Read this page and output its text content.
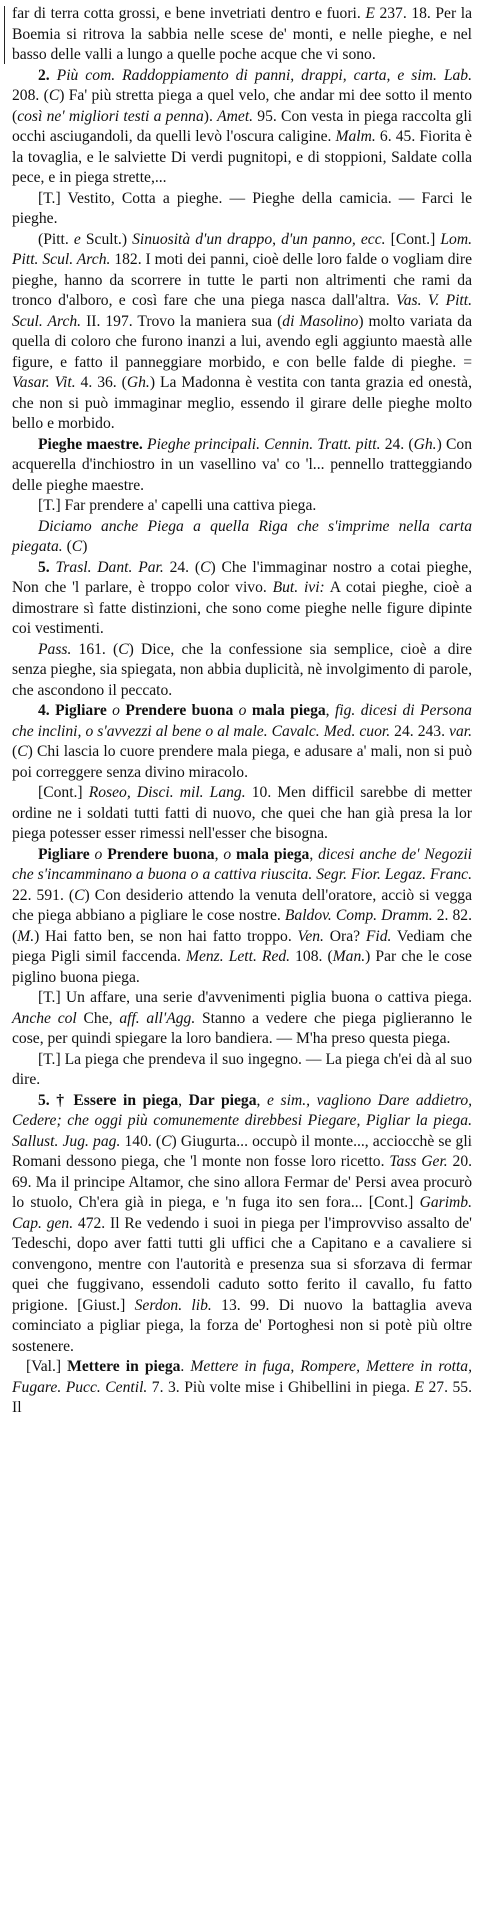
far di terra cotta grossi, e bene invetriati dentro e fuori. E 237. 18. Per la Boemia si ritrova la sabbia nelle scese de' monti, e nelle pieghe, e nel basso delle valli a lungo a quelle poche acque che vi sono.

2. Più com. Raddoppiamento di panni, drappi, carta, e sim. Lab. 208. (C) Fa' più stretta piega a quel velo, che andar mi dee sotto il mento (così ne' migliori testi a penna). Amet. 95. Con vesta in piega raccolta gli occhi asciugandoli, da quelli levò l'oscura caligine. Malm. 6. 45. Fiorita è la tovaglia, e le salviette Di verdi pugnitopi, e di stoppioni, Saldate colla pece, e in piega strette,...

[T.] Vestito, Cotta a pieghe. — Pieghe della camicia. — Farci le pieghe.

(Pitt. e Scult.) Sinuosità d'un drappo, d'un panno, ecc. [Cont.] Lom. Pitt. Scul. Arch. 182. I moti dei panni, cioè delle loro falde o vogliam dire pieghe, hanno da scorrere in tutte le parti non altrimenti che rami da tronco d'alboro, e così fare che una piega nasca dall'altra. Vas. V. Pitt. Scul. Arch. II. 197. Trovo la maniera sua (di Masolino) molto variata da quella di coloro che furono inanzi a lui, avendo egli aggiunto maestà alle figure, e fatto il panneggiare morbido, e con belle falde di pieghe. = Vasar. Vit. 4. 36. (Gh.) La Madonna è vestita con tanta grazia ed onestà, che non si può immaginar meglio, essendo il girare delle pieghe molto bello e morbido.

Pieghe maestre. Pieghe principali. Cennin. Tratt. pitt. 24. (Gh.) Con acquerella d'inchiostro in un vasellino va' co 'l... pennello tratteggiando delle pieghe maestre.

[T.] Far prendere a' capelli una cattiva piega.

Diciamo anche Piega a quella Riga che s'imprime nella carta piegata. (C)

5. Trasl. Dant. Par. 24. (C) Che l'immaginar nostro a cotai pieghe, Non che 'l parlare, è troppo color vivo. But. ivi: A cotai pieghe, cioè a dimostrare sì fatte distinzioni, che sono come pieghe nelle figure dipinte coi vestimenti.

Pass. 161. (C) Dice, che la confessione sia semplice, cioè a dire senza pieghe, sia spiegata, non abbia duplicità, nè involgimento di parole, che ascondono il peccato.

4. Pigliare o Prendere buona o mala piega, fig. dicesi di Persona che inclini, o s'avvezzi al bene o al male. Cavalc. Med. cuor. 24. 243. var. (C) Chi lascia lo cuore prendere mala piega, e adusare a' mali, non si può poi correggere senza divino miracolo.

[Cont.] Roseo, Disci. mil. Lang. 10. Men difficil sarebbe di metter ordine ne i soldati tutti fatti di nuovo, che quei che han già presa la lor piega potesser esser rimessi nell'esser che bisogna.

Pigliare o Prendere buona, o mala piega, dicesi anche de' Negozii che s'incamminano a buona o a cattiva riuscita. Segr. Fior. Legaz. Franc. 22. 591. (C) Con desiderio attendo la venuta dell'oratore, acciò si vegga che piega abbiano a pigliare le cose nostre. Baldov. Comp. Dramm. 2. 82. (M.) Hai fatto ben, se non hai fatto troppo. Ven. Ora? Fid. Vediam che piega Pigli simil faccenda. Menz. Lett. Red. 108. (Man.) Par che le cose piglino buona piega.

[T.] Un affare, una serie d'avvenimenti piglia buona o cattiva piega. Anche col Che, aff. all'Agg. Stanno a vedere che piega piglieranno le cose, per quindi spiegare la loro bandiera. — M'ha preso questa piega.

[T.] La piega che prendeva il suo ingegno. — La piega ch'ei dà al suo dire.

5. † Essere in piega, Dar piega, e sim., vagliono Dare addietro, Cedere; che oggi più comunemente direbbesi Piegare, Pigliar la piega. Sallust. Jug. pag. 140. (C) Giugurta... occupò il monte..., acciocchè se gli Romani dessono piega, che 'l monte non fosse loro ricetto. Tass Ger. 20. 69. Ma il principe Altamor, che sino allora Fermar de' Persi avea procurò lo stuolo, Ch'era già in piega, e 'n fuga ito sen fora... [Cont.] Garimb. Cap. gen. 472. Il Re vedendo i suoi in piega per l'improvviso assalto de' Tedeschi, dopo aver fatti tutti gli uffici che a Capitano e a cavaliere si convengono, mentre con l'autorità e presenza sua si sforzava di fermar quei che fuggivano, essendoli caduto sotto ferito il cavallo, fu fatto prigione. [Giust.] Serdon. lib. 13. 99. Di nuovo la battaglia aveva cominciato a pigliar piega, la forza de' Portoghesi non si potè più oltre sostenere.

[Val.] Mettere in piega. Mettere in fuga, Rompere, Mettere in rotta, Fugare. Pucc. Centil. 7. 3. Più volte mise i Ghibellini in piega. E 27. 55. Il
